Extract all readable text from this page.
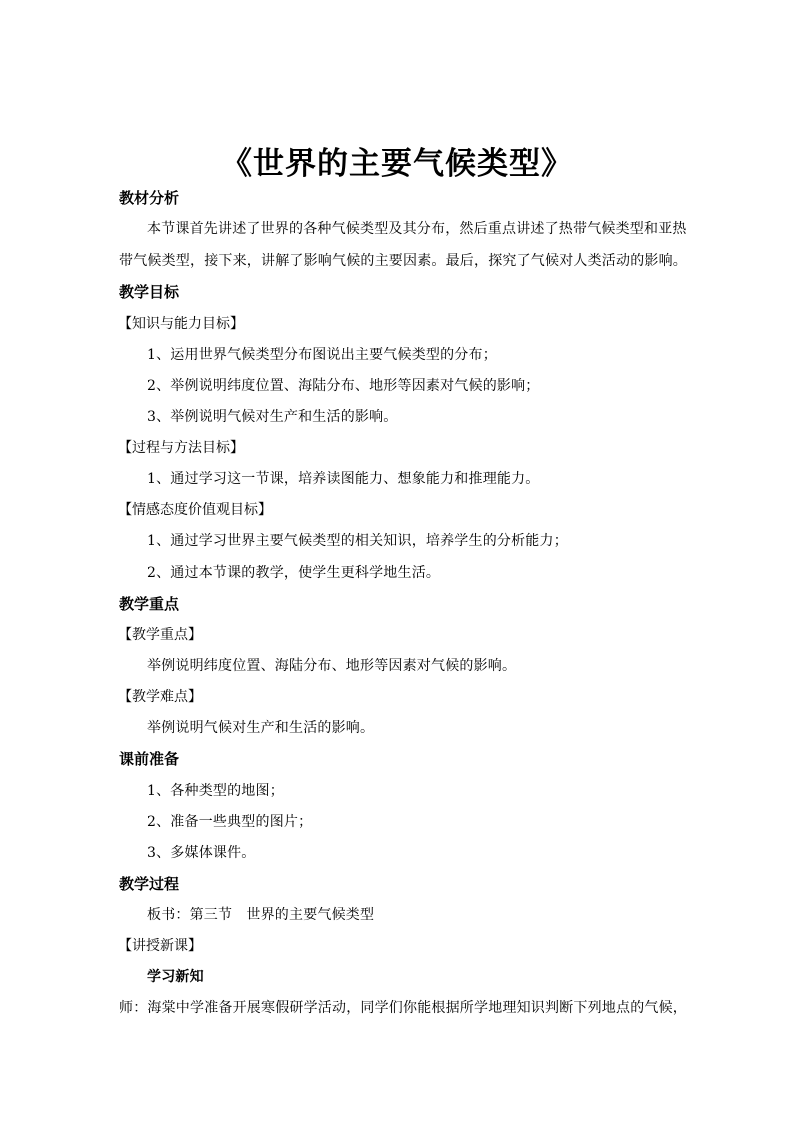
《世界的主要气候类型》
教材分析
本节课首先讲述了世界的各种气候类型及其分布，然后重点讲述了热带气候类型和亚热
带气候类型，接下来，讲解了影响气候的主要因素。最后，探究了气候对人类活动的影响。
教学目标
【知识与能力目标】
1、运用世界气候类型分布图说出主要气候类型的分布；
2、举例说明纬度位置、海陆分布、地形等因素对气候的影响；
3、举例说明气候对生产和生活的影响。
【过程与方法目标】
1、通过学习这一节课，培养读图能力、想象能力和推理能力。
【情感态度价值观目标】
1、通过学习世界主要气候类型的相关知识，培养学生的分析能力；
2、通过本节课的教学，使学生更科学地生活。
教学重点
【教学重点】
举例说明纬度位置、海陆分布、地形等因素对气候的影响。
【教学难点】
举例说明气候对生产和生活的影响。
课前准备
1、各种类型的地图；
2、准备一些典型的图片；
3、多媒体课件。
教学过程
板书：第三节　世界的主要气候类型
【讲授新课】
学习新知
师：海棠中学准备开展寒假研学活动，同学们你能根据所学地理知识判断下列地点的气候，
